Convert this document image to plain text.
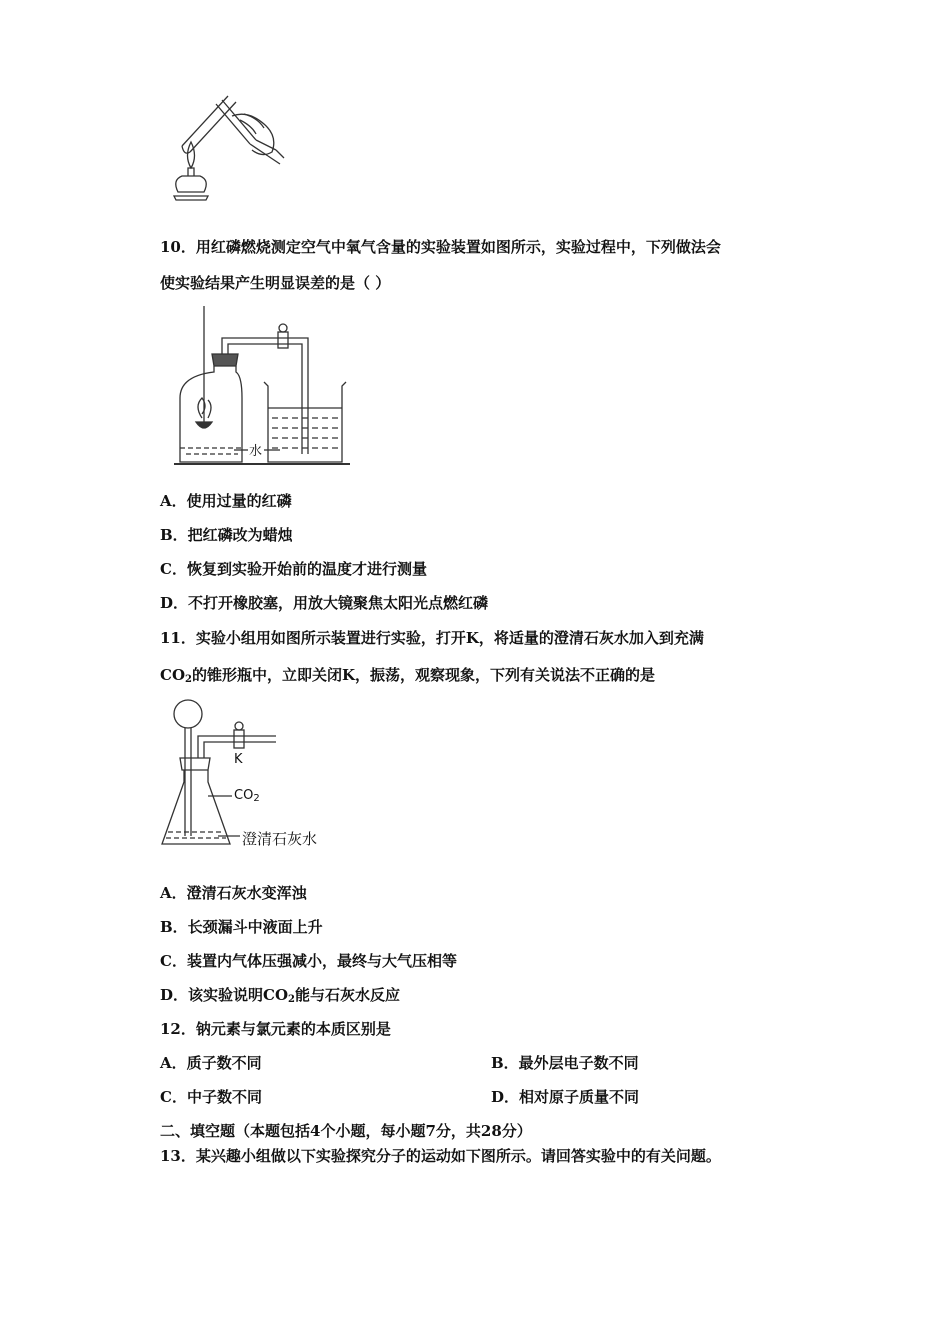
10．用红磷燃烧测定空气中氧气含量的实验装置如图所示，实验过程中，下列做法会
使实验结果产生明显误差的是（ ）
水
A．使用过量的红磷
B．把红磷改为蜡烛
C．恢复到实验开始前的温度才进行测量
D．不打开橡胶塞，用放大镜聚焦太阳光点燃红磷
11．实验小组用如图所示装置进行实验，打开K，将适量的澄清石灰水加入到充满
$CO_2$的锥形瓶中，立即关闭K，振荡，观察现象，下列有关说法不正确的是
K
$CO_2$
澄清石灰水
A．澄清石灰水变浑浊
B．长颈漏斗中液面上升
C．装置内气体压强减小，最终与大气压相等
D．该实验说明$CO_2$能与石灰水反应
12．钠元素与氯元素的本质区别是
A．质子数不同	B．最外层电子数不同
C．中子数不同	D．相对原子质量不同
二、填空题（本题包括4个小题，每小题7分，共28分）
13．某兴趣小组做以下实验探究分子的运动如下图所示。请回答实验中的有关问题。
